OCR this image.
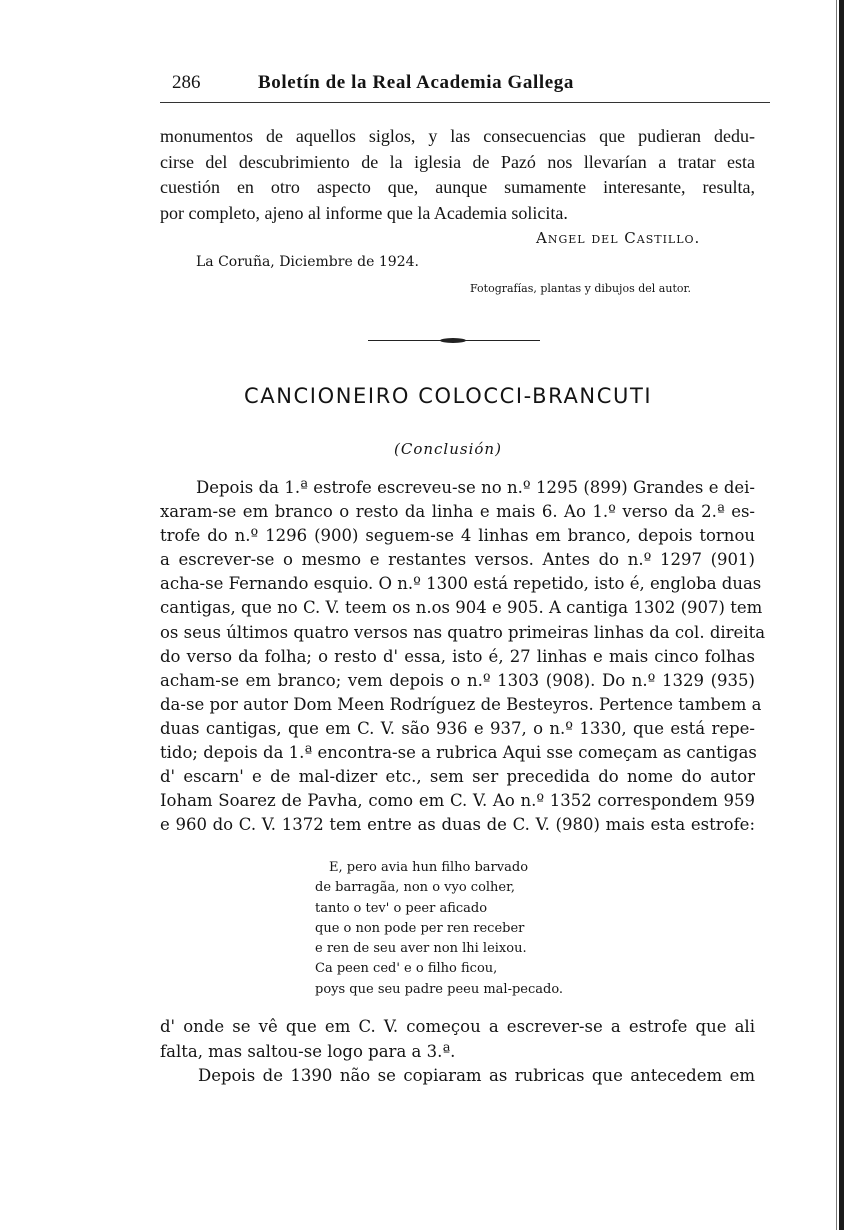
286	Boletín de la Real Academia Gallega
monumentos de aquellos siglos, y las consecuencias que pudieran dedu-
cirse del descubrimiento de la iglesia de Pazó nos llevarían a tratar esta
cuestión en otro aspecto que, aunque sumamente interesante, resulta,
por completo, ajeno al informe que la Academia solicita.
Angel del Castillo.
La Coruña, Diciembre de 1924.
Fotografías, plantas y dibujos del autor.
CANCIONEIRO COLOCCI-BRANCUTI
(Conclusión)
Depois da 1.ª estrofe escreveu-se no n.º 1295 (899) Grandes e dei-
xaram-se em branco o resto da linha e mais 6. Ao 1.º verso da 2.ª es-
trofe do n.º 1296 (900) seguem-se 4 linhas em branco, depois tornou
a escrever-se o mesmo e restantes versos. Antes do n.º 1297 (901)
acha-se Fernando esquio. O n.º 1300 está repetido, isto é, engloba duas
cantigas, que no C. V. teem os n.os 904 e 905. A cantiga 1302 (907) tem
os seus últimos quatro versos nas quatro primeiras linhas da col. direita
do verso da folha; o resto d' essa, isto é, 27 linhas e mais cinco folhas
acham-se em branco; vem depois o n.º 1303 (908). Do n.º 1329 (935)
da-se por autor Dom Meen Rodríguez de Besteyros. Pertence tambem a
duas cantigas, que em C. V. são 936 e 937, o n.º 1330, que está repe-
tido; depois da 1.ª encontra-se a rubrica Aqui sse começam as cantigas
d' escarn' e de mal-dizer etc., sem ser precedida do nome do autor
Ioham Soarez de Pavha, como em C. V. Ao n.º 1352 correspondem 959
e 960 do C. V. 1372 tem entre as duas de C. V. (980) mais esta estrofe:
E, pero avia hun filho barvado
de barragãa, non o vyo colher,
tanto o tev' o peer aficado
que o non pode per ren receber
e ren de seu aver non lhi leixou.
Ca peen ced' e o filho ficou,
poys que seu padre peeu mal-pecado.
d' onde se vê que em C. V. começou a escrever-se a estrofe que ali
falta, mas saltou-se logo para a 3.ª.
Depois de 1390 não se copiaram as rubricas que antecedem em
